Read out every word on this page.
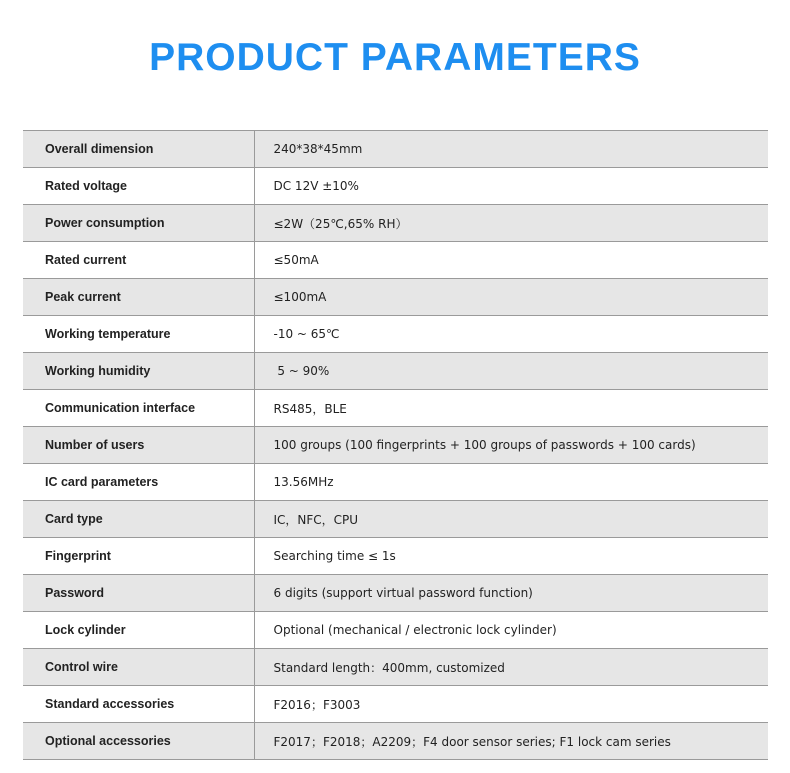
PRODUCT PARAMETERS
Overall dimension	240*38*45mm
Rated voltage	DC 12V ±10%
Power consumption	≤2W（25℃,65% RH）
Rated current	≤50mA
Peak current	≤100mA
Working temperature	-10 ~ 65℃
Working humidity	5 ~ 90%
Communication interface	RS485，BLE
Number of users	100 groups (100 fingerprints + 100 groups of passwords + 100 cards)
IC card parameters	13.56MHz
Card type	IC，NFC，CPU
Fingerprint	Searching time ≤ 1s
Password	6 digits (support virtual password function)
Lock cylinder	Optional (mechanical / electronic lock cylinder)
Control wire	Standard length：400mm, customized
Standard accessories	F2016；F3003
Optional accessories	F2017；F2018；A2209；F4 door sensor series; F1 lock cam series
